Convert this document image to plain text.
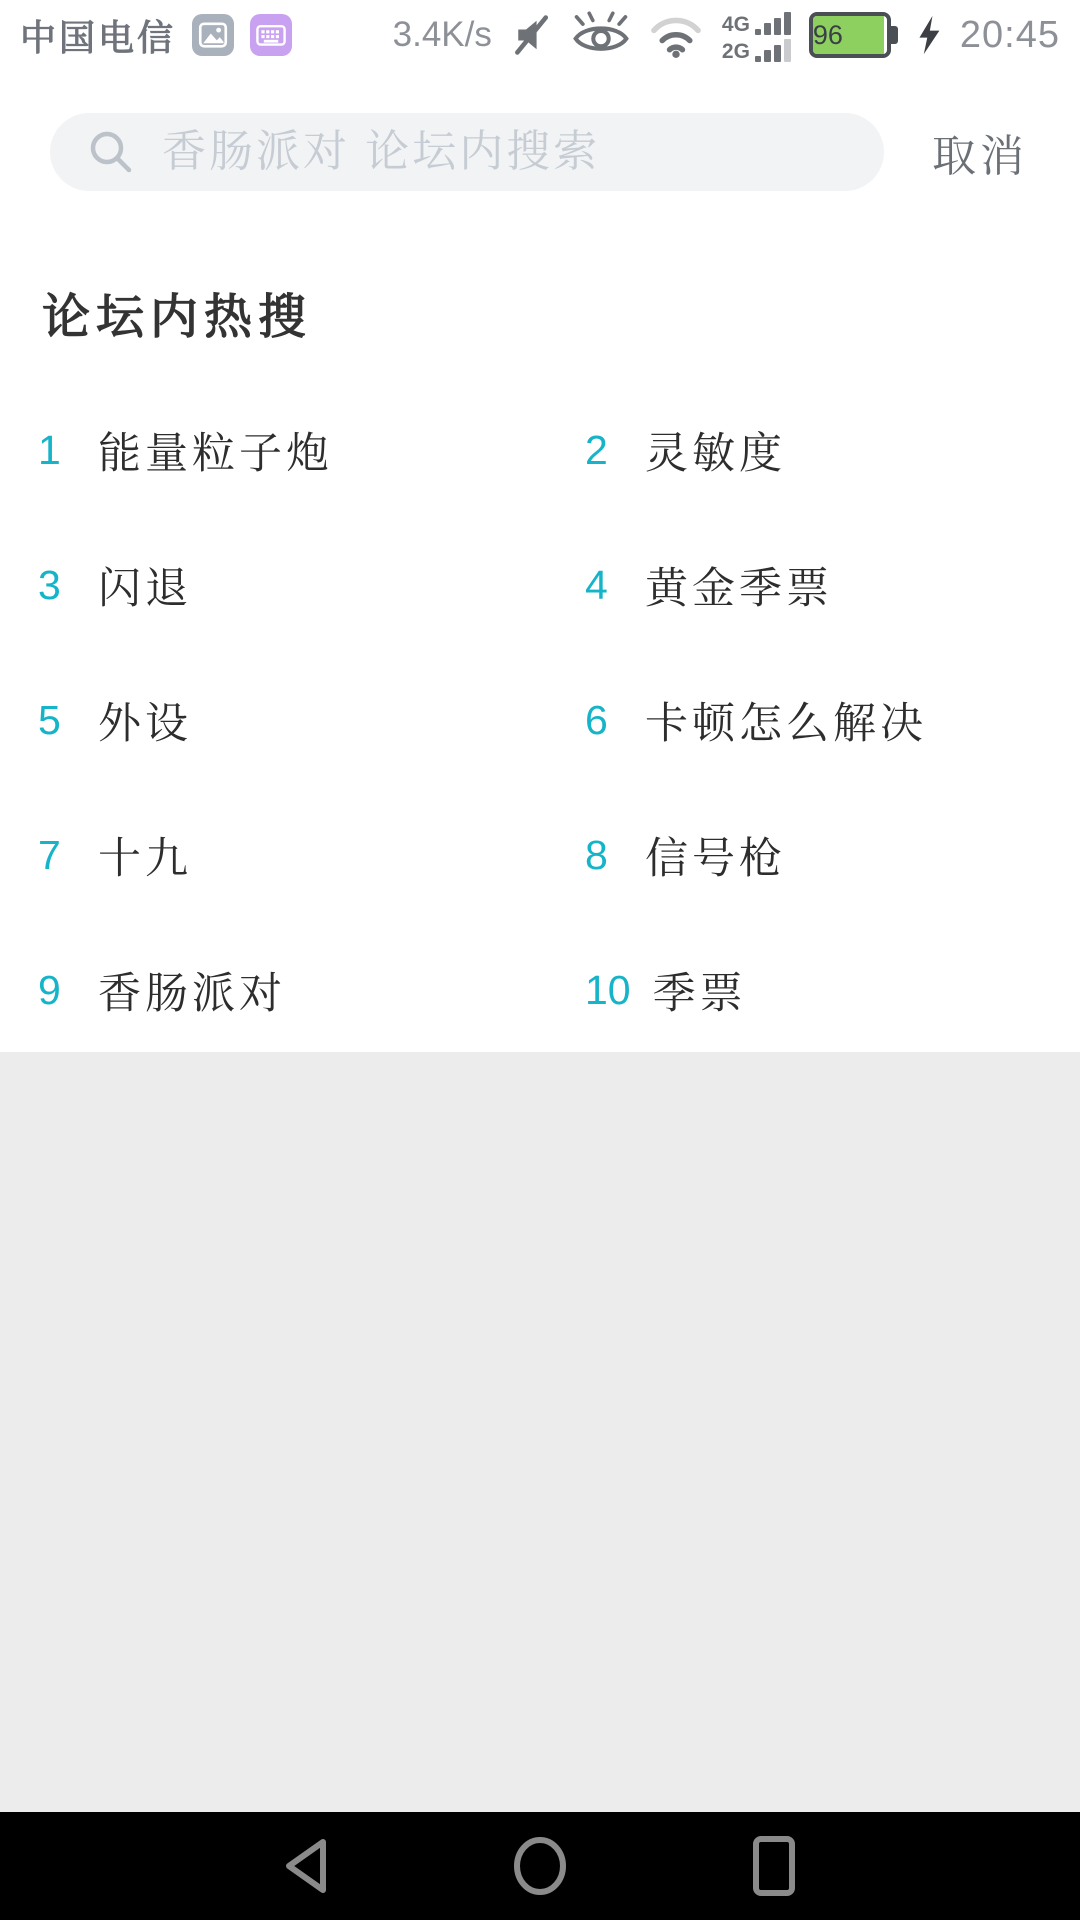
中国电信	3.4K/s	4G
2G
96	20:45
香肠派对 论坛内搜索
取消
论坛内热搜
1 能量粒子炮	2 灵敏度
3 闪退	4 黄金季票
5 外设	6 卡顿怎么解决
7 十九	8 信号枪
9 香肠派对	10 季票
